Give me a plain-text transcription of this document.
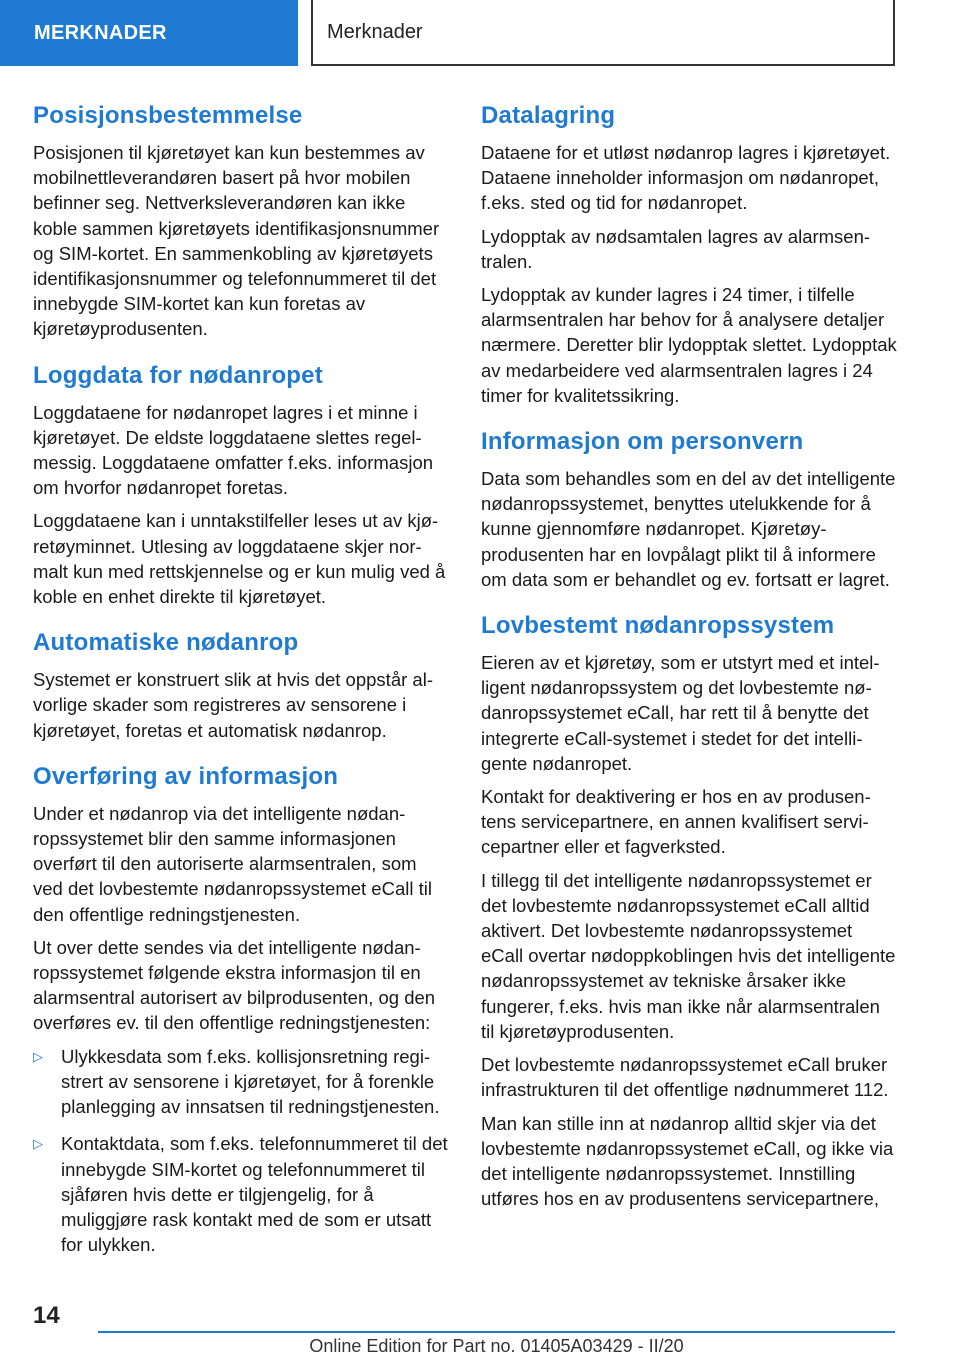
MERKNADER	Merknader
Posisjonsbestemmelse

Posisjonen til kjøretøyet kan kun bestemmes av mobilnettleverandøren basert på hvor mobilen befinner seg. Nettverksleverandøren kan ikke koble sammen kjøretøyets identifikasjonsnummer og SIM-kortet. En sammenkobling av kjøretøyets identifikasjonsnummer og telefonnummeret til det innebygde SIM-kortet kan kun foretas av kjøretøyprodusenten.

Loggdata for nødanropet

Loggdataene for nødanropet lagres i et minne i kjøretøyet. De eldste loggdataene slettes regelmessig. Loggdataene omfatter f.eks. informasjon om hvorfor nødanropet foretas.

Loggdataene kan i unntakstilfeller leses ut av kjøretøyminnet. Utlesing av loggdataene skjer normalt kun med rettskjennelse og er kun mulig ved å koble en enhet direkte til kjøretøyet.

Automatiske nødanrop

Systemet er konstruert slik at hvis det oppstår alvorlige skader som registreres av sensorene i kjøretøyet, foretas et automatisk nødanrop.

Overføring av informasjon

Under et nødanrop via det intelligente nødanropssystemet blir den samme informasjonen overført til den autoriserte alarmsentralen, som ved det lovbestemte nødanropssystemet eCall til den offentlige redningstjenesten.

Ut over dette sendes via det intelligente nødanropssystemet følgende ekstra informasjon til en alarmsentral autorisert av bilprodusenten, og den overføres ev. til den offentlige redningstjenesten:

▷ Ulykkesdata som f.eks. kollisjonsretning registrert av sensorene i kjøretøyet, for å forenkle planlegging av innsatsen til redningstjenesten.
▷ Kontaktdata, som f.eks. telefonnummeret til det innebygde SIM-kortet og telefonnummeret til sjåføren hvis dette er tilgjengelig, for å muliggjøre rask kontakt med de som er utsatt for ulykken.
Datalagring

Dataene for et utløst nødanrop lagres i kjøretøyet. Dataene inneholder informasjon om nødanropet, f.eks. sted og tid for nødanropet.

Lydopptak av nødsamtalen lagres av alarmsentralen.

Lydopptak av kunder lagres i 24 timer, i tilfelle alarmsentralen har behov for å analysere detaljer nærmere. Deretter blir lydopptak slettet. Lydopptak av medarbeidere ved alarmsentralen lagres i 24 timer for kvalitetssikring.

Informasjon om personvern

Data som behandles som en del av det intelligente nødanropssystemet, benyttes utelukkende for å kunne gjennomføre nødanropet. Kjøretøyprodusenten har en lovpålagt plikt til å informere om data som er behandlet og ev. fortsatt er lagret.

Lovbestemt nødanropssystem

Eieren av et kjøretøy, som er utstyrt med et intelligent nødanropssystem og det lovbestemte nødanropssystemet eCall, har rett til å benytte det integrerte eCall-systemet i stedet for det intelligente nødanropet.

Kontakt for deaktivering er hos en av produsentens servicepartnere, en annen kvalifisert servicepartner eller et fagverksted.

I tillegg til det intelligente nødanropssystemet er det lovbestemte nødanropssystemet eCall alltid aktivert. Det lovbestemte nødanropssystemet eCall overtar nødoppkoblingen hvis det intelligente nødanropssystemet av tekniske årsaker ikke fungerer, f.eks. hvis man ikke når alarmsentralen til kjøretøyprodusenten.

Det lovbestemte nødanropssystemet eCall bruker infrastrukturen til det offentlige nødnummeret 112.

Man kan stille inn at nødanrop alltid skjer via det lovbestemte nødanropssystemet eCall, og ikke via det intelligente nødanropssystemet. Innstilling utføres hos en av produsentens servicepartnere,

14
Online Edition for Part no. 01405A03429 - II/20
